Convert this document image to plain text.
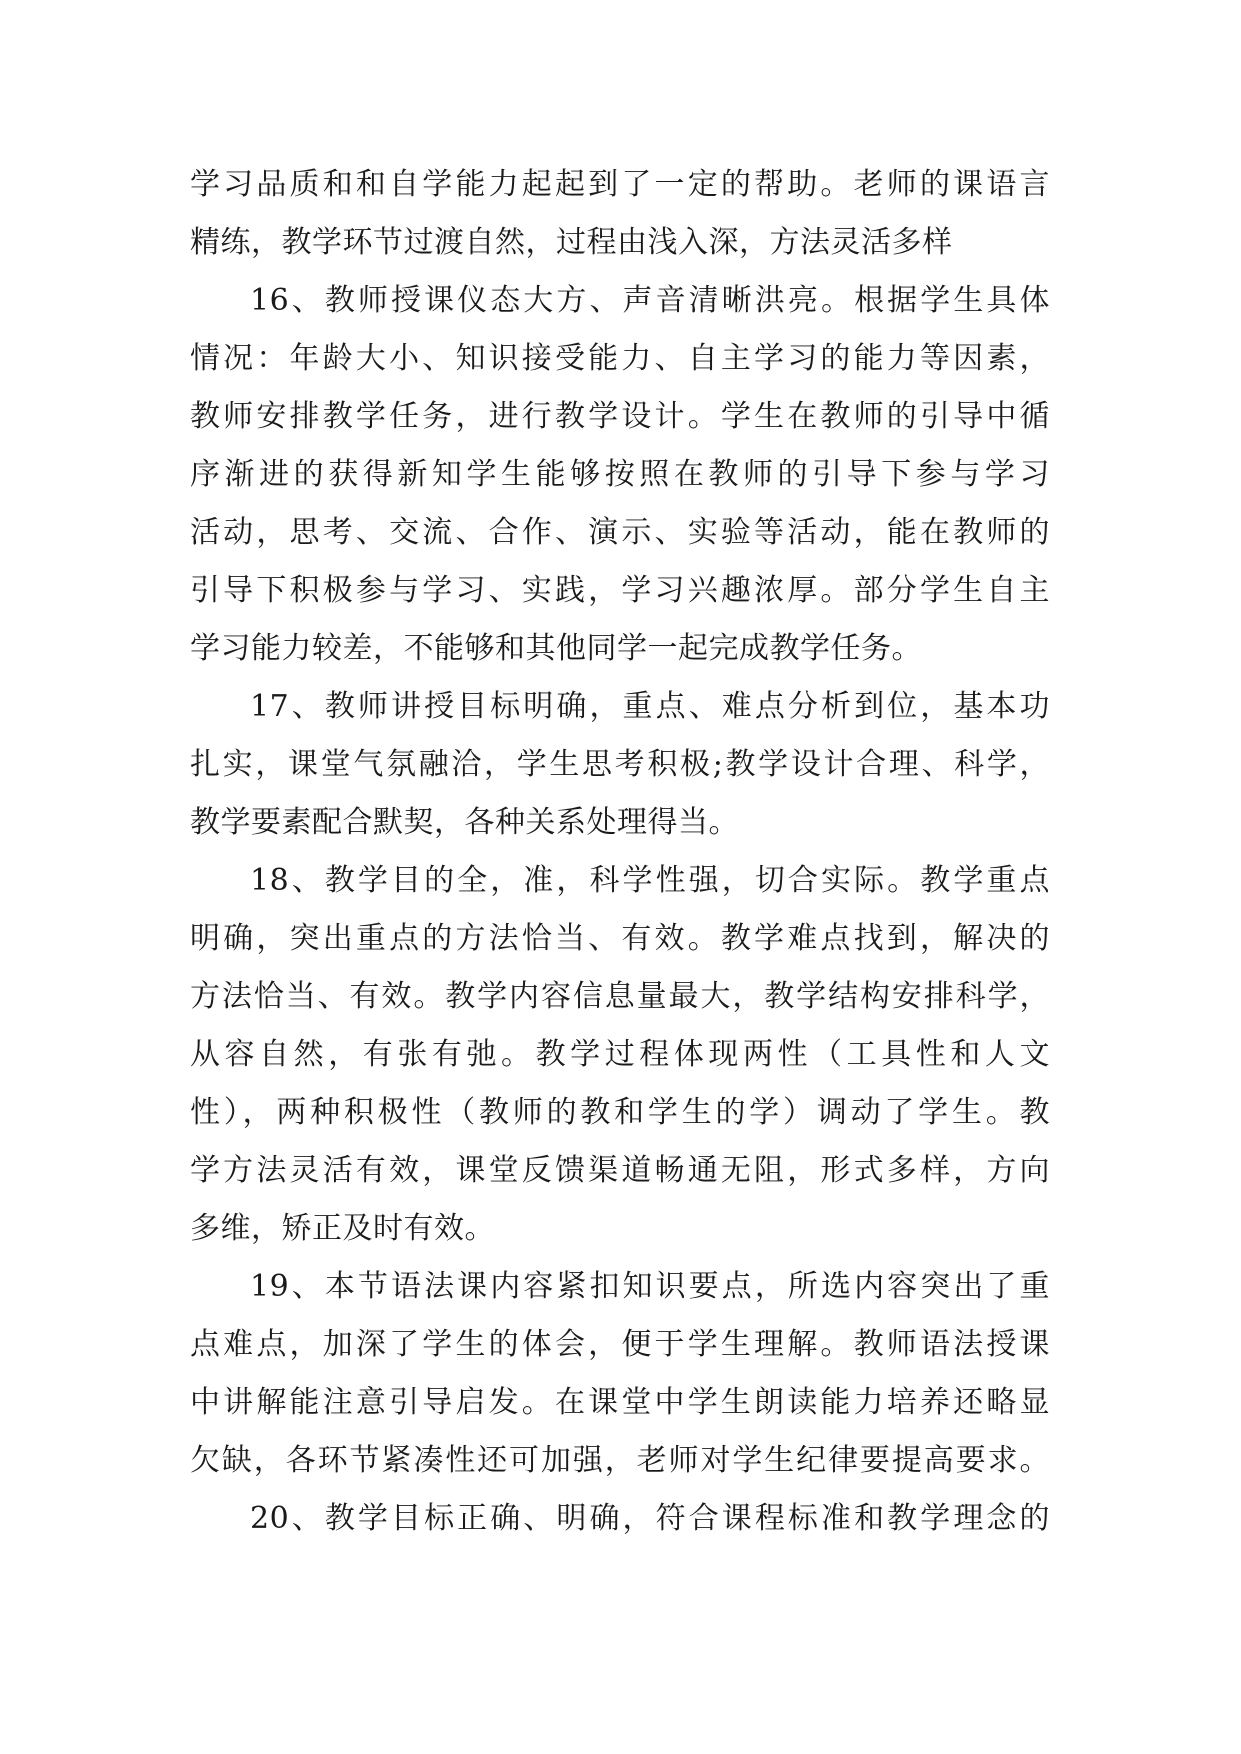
学习品质和和自学能力起起到了一定的帮助。老师的课语言
精练，教学环节过渡自然，过程由浅入深，方法灵活多样
16、教师授课仪态大方、声音清晰洪亮。根据学生具体
情况：年龄大小、知识接受能力、自主学习的能力等因素，
教师安排教学任务，进行教学设计。学生在教师的引导中循
序渐进的获得新知学生能够按照在教师的引导下参与学习
活动，思考、交流、合作、演示、实验等活动，能在教师的
引导下积极参与学习、实践，学习兴趣浓厚。部分学生自主
学习能力较差，不能够和其他同学一起完成教学任务。
17、教师讲授目标明确，重点、难点分析到位，基本功
扎实，课堂气氛融洽，学生思考积极;教学设计合理、科学，
教学要素配合默契，各种关系处理得当。
18、教学目的全，准，科学性强，切合实际。教学重点
明确，突出重点的方法恰当、有效。教学难点找到，解决的
方法恰当、有效。教学内容信息量最大，教学结构安排科学，
从容自然，有张有弛。教学过程体现两性（工具性和人文
性），两种积极性（教师的教和学生的学）调动了学生。教
学方法灵活有效，课堂反馈渠道畅通无阻，形式多样，方向
多维，矫正及时有效。
19、本节语法课内容紧扣知识要点，所选内容突出了重
点难点，加深了学生的体会，便于学生理解。教师语法授课
中讲解能注意引导启发。在课堂中学生朗读能力培养还略显
欠缺，各环节紧凑性还可加强，老师对学生纪律要提高要求。
20、教学目标正确、明确，符合课程标准和教学理念的
